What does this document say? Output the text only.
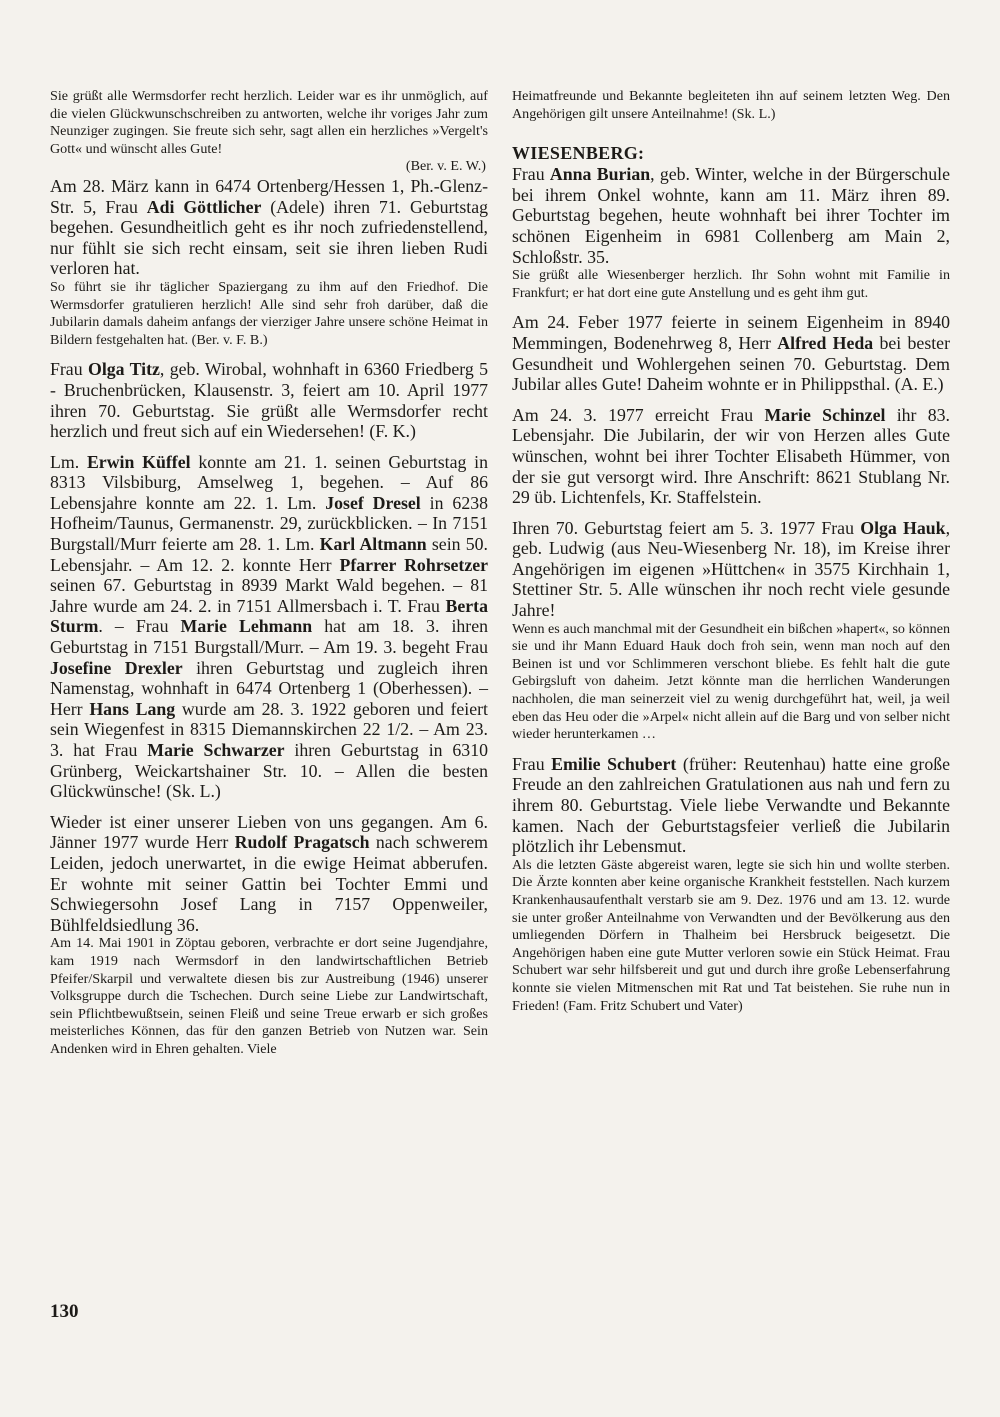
Sie grüßt alle Wermsdorfer recht herzlich. Leider war es ihr unmöglich, auf die vielen Glückwunschschreiben zu antworten, welche ihr voriges Jahr zum Neunziger zugingen. Sie freute sich sehr, sagt allen ein herzliches »Vergelt's Gott« und wünscht alles Gute!

(Ber. v. E. W.)

Am 28. März kann in 6474 Ortenberg/Hessen 1, Ph.-Glenz-Str. 5, Frau Adi Göttlicher (Adele) ihren 71. Geburtstag begehen. Gesundheitlich geht es ihr noch zufriedenstellend, nur fühlt sie sich recht einsam, seit sie ihren lieben Rudi verloren hat.

So führt sie ihr täglicher Spaziergang zu ihm auf den Friedhof. Die Wermsdorfer gratulieren herzlich! Alle sind sehr froh darüber, daß die Jubilarin damals daheim anfangs der vierziger Jahre unsere schöne Heimat in Bildern festgehalten hat. (Ber. v. F. B.)

Frau Olga Titz, geb. Wirobal, wohnhaft in 6360 Friedberg 5 - Bruchenbrücken, Klausenstr. 3, feiert am 10. April 1977 ihren 70. Geburtstag. Sie grüßt alle Wermsdorfer recht herzlich und freut sich auf ein Wiedersehen! (F. K.)

Lm. Erwin Küffel konnte am 21. 1. seinen Geburtstag in 8313 Vilsbiburg, Amselweg 1, begehen. – Auf 86 Lebensjahre konnte am 22. 1. Lm. Josef Dresel in 6238 Hofheim/Taunus, Germanenstr. 29, zurückblicken. – In 7151 Burgstall/Murr feierte am 28. 1. Lm. Karl Altmann sein 50. Lebensjahr. – Am 12. 2. konnte Herr Pfarrer Rohrsetzer seinen 67. Geburtstag in 8939 Markt Wald begehen. – 81 Jahre wurde am 24. 2. in 7151 Allmersbach i. T. Frau Berta Sturm. – Frau Marie Lehmann hat am 18. 3. ihren Geburtstag in 7151 Burgstall/Murr. – Am 19. 3. begeht Frau Josefine Drexler ihren Geburtstag und zugleich ihren Namenstag, wohnhaft in 6474 Ortenberg 1 (Oberhessen). – Herr Hans Lang wurde am 28. 3. 1922 geboren und feiert sein Wiegenfest in 8315 Diemannskirchen 22 1/2. – Am 23. 3. hat Frau Marie Schwarzer ihren Geburtstag in 6310 Grünberg, Weickartshainer Str. 10. – Allen die besten Glückwünsche! (Sk. L.)

Wieder ist einer unserer Lieben von uns gegangen. Am 6. Jänner 1977 wurde Herr Rudolf Pragatsch nach schwerem Leiden, jedoch unerwartet, in die ewige Heimat abberufen. Er wohnte mit seiner Gattin bei Tochter Emmi und Schwiegersohn Josef Lang in 7157 Oppenweiler, Bühlfeldsiedlung 36.

Am 14. Mai 1901 in Zöptau geboren, verbrachte er dort seine Jugendjahre, kam 1919 nach Wermsdorf in den landwirtschaftlichen Betrieb Pfeifer/Skarpil und verwaltete diesen bis zur Austreibung (1946) unserer Volksgruppe durch die Tschechen. Durch seine Liebe zur Landwirtschaft, sein Pflichtbewußtsein, seinen Fleiß und seine Treue erwarb er sich großes meisterliches Können, das für den ganzen Betrieb von Nutzen war. Sein Andenken wird in Ehren gehalten. Viele

Heimatfreunde und Bekannte begleiteten ihn auf seinem letzten Weg. Den Angehörigen gilt unsere Anteilnahme! (Sk. L.)

WIESENBERG:

Frau Anna Burian, geb. Winter, welche in der Bürgerschule bei ihrem Onkel wohnte, kann am 11. März ihren 89. Geburtstag begehen, heute wohnhaft bei ihrer Tochter im schönen Eigenheim in 6981 Collenberg am Main 2, Schloßstr. 35.

Sie grüßt alle Wiesenberger herzlich. Ihr Sohn wohnt mit Familie in Frankfurt; er hat dort eine gute Anstellung und es geht ihm gut.

Am 24. Feber 1977 feierte in seinem Eigenheim in 8940 Memmingen, Bodenehrweg 8, Herr Alfred Heda bei bester Gesundheit und Wohlergehen seinen 70. Geburtstag. Dem Jubilar alles Gute! Daheim wohnte er in Philippsthal. (A. E.)

Am 24. 3. 1977 erreicht Frau Marie Schinzel ihr 83. Lebensjahr. Die Jubilarin, der wir von Herzen alles Gute wünschen, wohnt bei ihrer Tochter Elisabeth Hümmer, von der sie gut versorgt wird. Ihre Anschrift: 8621 Stublang Nr. 29 üb. Lichtenfels, Kr. Staffelstein.

Ihren 70. Geburtstag feiert am 5. 3. 1977 Frau Olga Hauk, geb. Ludwig (aus Neu-Wiesenberg Nr. 18), im Kreise ihrer Angehörigen im eigenen »Hüttchen« in 3575 Kirchhain 1, Stettiner Str. 5. Alle wünschen ihr noch recht viele gesunde Jahre!

Wenn es auch manchmal mit der Gesundheit ein bißchen »hapert«, so können sie und ihr Mann Eduard Hauk doch froh sein, wenn man noch auf den Beinen ist und vor Schlimmeren verschont bliebe. Es fehlt halt die gute Gebirgsluft von daheim. Jetzt könnte man die herrlichen Wanderungen nachholen, die man seinerzeit viel zu wenig durchgeführt hat, weil, ja weil eben das Heu oder die »Arpel« nicht allein auf die Barg und von selber nicht wieder herunterkamen …

Frau Emilie Schubert (früher: Reutenhau) hatte eine große Freude an den zahlreichen Gratulationen aus nah und fern zu ihrem 80. Geburtstag. Viele liebe Verwandte und Bekannte kamen. Nach der Geburtstagsfeier verließ die Jubilarin plötzlich ihr Lebensmut.

Als die letzten Gäste abgereist waren, legte sie sich hin und wollte sterben. Die Ärzte konnten aber keine organische Krankheit feststellen. Nach kurzem Krankenhausaufenthalt verstarb sie am 9. Dez. 1976 und am 13. 12. wurde sie unter großer Anteilnahme von Verwandten und der Bevölkerung aus den umliegenden Dörfern in Thalheim bei Hersbruck beigesetzt. Die Angehörigen haben eine gute Mutter verloren sowie ein Stück Heimat. Frau Schubert war sehr hilfsbereit und gut und durch ihre große Lebenserfahrung konnte sie vielen Mitmenschen mit Rat und Tat beistehen. Sie ruhe nun in Frieden! (Fam. Fritz Schubert und Vater)

130
